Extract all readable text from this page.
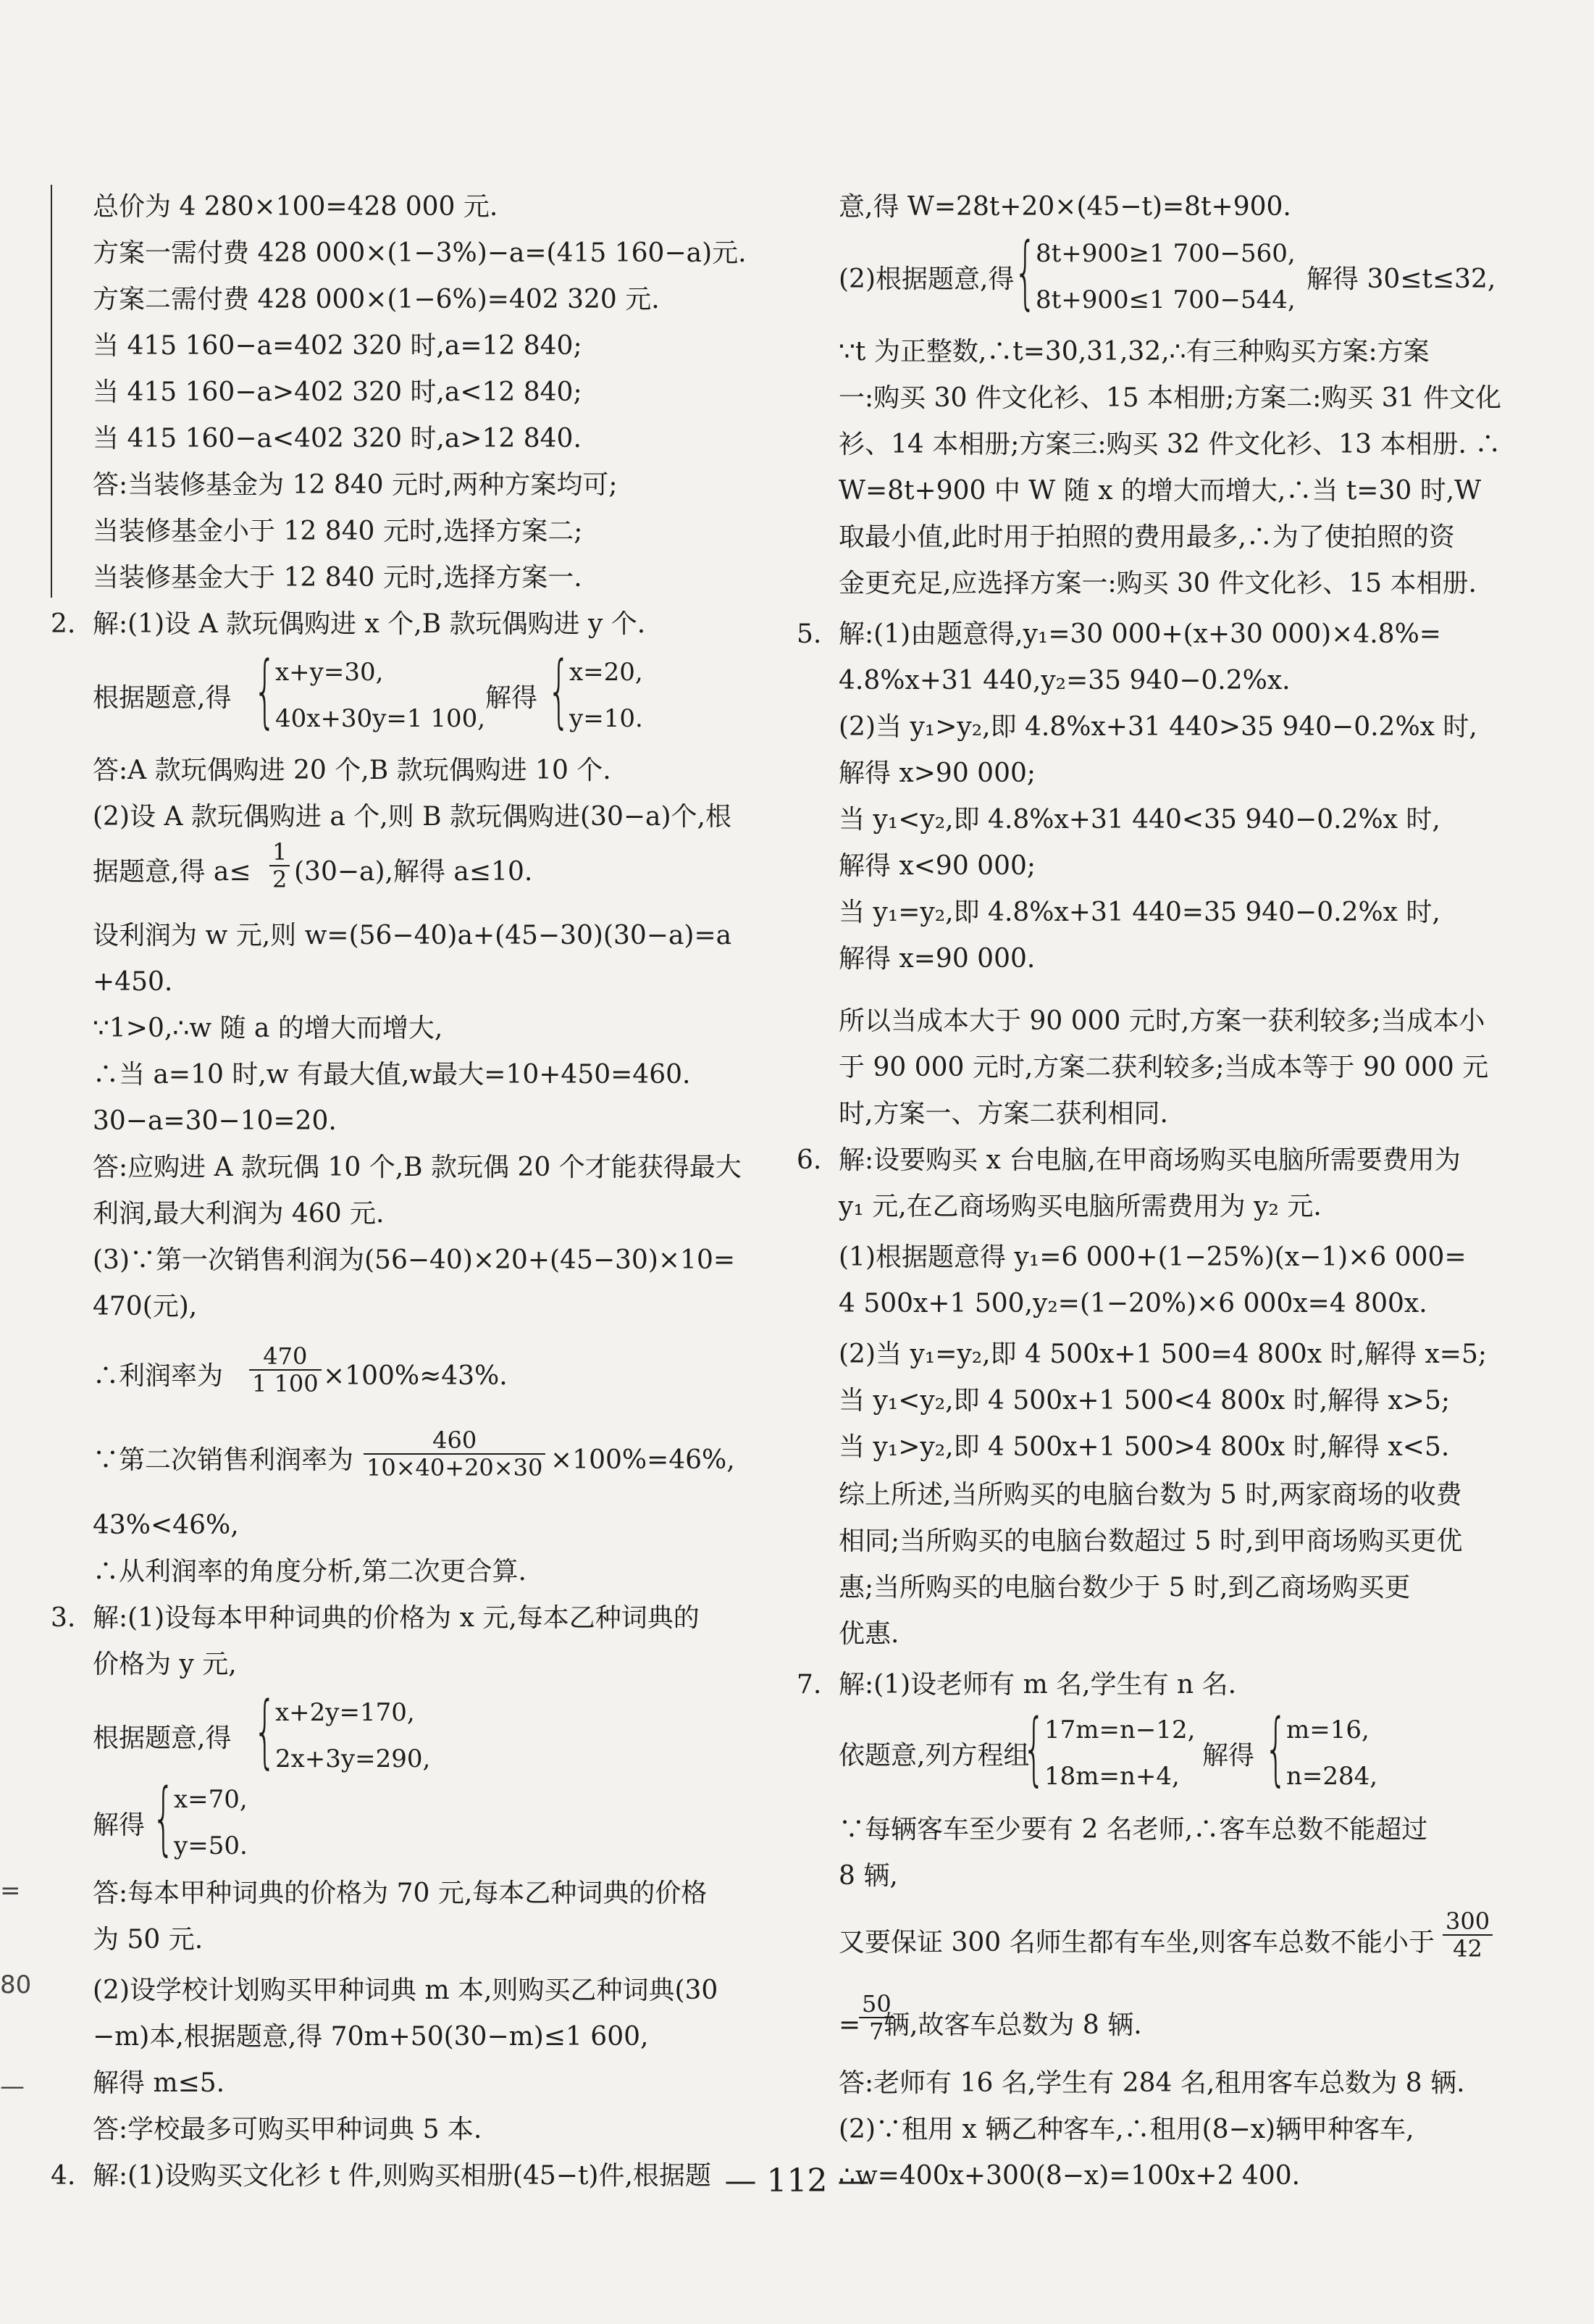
=
80
—
总价为 4 280×100=428 000 元.
方案一需付费 428 000×(1−3%)−a=(415 160−a)元.
方案二需付费 428 000×(1−6%)=402 320 元.
当 415 160−a=402 320 时,a=12 840;
当 415 160−a>402 320 时,a<12 840;
当 415 160−a<402 320 时,a>12 840.
答:当装修基金为 12 840 元时,两种方案均可;
当装修基金小于 12 840 元时,选择方案二;
当装修基金大于 12 840 元时,选择方案一.
2. 解:(1)设 A 款玩偶购进 x 个,B 款玩偶购进 y 个.
根据题意,得 {
x+y=30,
40x+30y=1 100,
解得 {
x=20,
y=10.
答:A 款玩偶购进 20 个,B 款玩偶购进 10 个.
(2)设 A 款玩偶购进 a 个,则 B 款玩偶购进(30−a)个,根
据题意,得 $a\le \frac{1}{2} (30-a)$,解得 a≤10.
设利润为 w 元,则 w=(56−40)a+(45−30)(30−a)=a
+450.
∵1>0,∴w 随 a 的增大而增大,
∴当 a=10 时,w 有最大值,w最大=10+450=460.
30−a=30−10=20.
答:应购进 A 款玩偶 10 个,B 款玩偶 20 个才能获得最大
利润,最大利润为 460 元.
(3)∵第一次销售利润为(56−40)×20+(45−30)×10=
470(元),
∴利润率为 $\frac{470}{1 100} \times 100\%\approx 43\%$.
∵第二次销售利润率为 $\frac{460}{10\times 40+20\times 30} \times 100\%=46\%$,
43%<46%,
∴从利润率的角度分析,第二次更合算.
3. 解:(1)设每本甲种词典的价格为 x 元,每本乙种词典的
价格为 y 元,
根据题意,得 {
x+2y=170,
2x+3y=290,
解得 {
x=70,
y=50.
答:每本甲种词典的价格为 70 元,每本乙种词典的价格
为 50 元.
(2)设学校计划购买甲种词典 m 本,则购买乙种词典(30
−m)本,根据题意,得 70m+50(30−m)≤1 600,
解得 m≤5.
答:学校最多可购买甲种词典 5 本.
4. 解:(1)设购买文化衫 t 件,则购买相册(45−t)件,根据题
意,得 W=28t+20×(45−t)=8t+900.
(2)根据题意,得 {
8t+900≥1 700−560,
8t+900≤1 700−544,
解得 30≤t≤32,
∵t 为正整数,∴t=30,31,32,∴有三种购买方案:方案
一:购买 30 件文化衫、15 本相册;方案二:购买 31 件文化
衫、14 本相册;方案三:购买 32 件文化衫、13 本相册. ∴
W=8t+900 中 W 随 x 的增大而增大,∴当 t=30 时,W
取最小值,此时用于拍照的费用最多,∴为了使拍照的资
金更充足,应选择方案一:购买 30 件文化衫、15 本相册.
5. 解:(1)由题意得,y₁=30 000+(x+30 000)×4.8%=
4.8%x+31 440,y₂=35 940−0.2%x.
(2)当 y₁>y₂,即 4.8%x+31 440>35 940−0.2%x 时,
解得 x>90 000;
当 y₁<y₂,即 4.8%x+31 440<35 940−0.2%x 时,
解得 x<90 000;
当 y₁=y₂,即 4.8%x+31 440=35 940−0.2%x 时,
解得 x=90 000.
所以当成本大于 90 000 元时,方案一获利较多;当成本小
于 90 000 元时,方案二获利较多;当成本等于 90 000 元
时,方案一、方案二获利相同.
6. 解:设要购买 x 台电脑,在甲商场购买电脑所需要费用为
y₁ 元,在乙商场购买电脑所需费用为 y₂ 元.
(1)根据题意得 y₁=6 000+(1−25%)(x−1)×6 000=
4 500x+1 500,y₂=(1−20%)×6 000x=4 800x.
(2)当 y₁=y₂,即 4 500x+1 500=4 800x 时,解得 x=5;
当 y₁<y₂,即 4 500x+1 500<4 800x 时,解得 x>5;
当 y₁>y₂,即 4 500x+1 500>4 800x 时,解得 x<5.
综上所述,当所购买的电脑台数为 5 时,两家商场的收费
相同;当所购买的电脑台数超过 5 时,到甲商场购买更优
惠;当所购买的电脑台数少于 5 时,到乙商场购买更
优惠.
7. 解:(1)设老师有 m 名,学生有 n 名.
依题意,列方程组
{
17m=n−12,
18m=n+4,
解得 {
m=16,
n=284,
∵每辆客车至少要有 2 名老师,∴客车总数不能超过
8 辆,
又要保证 300 名师生都有车坐,则客车总数不能小于 $\frac{300}{42}$
辆,故客车总数为 8 辆.
=
$\frac{50}{7}$
答:老师有 16 名,学生有 284 名,租用客车总数为 8 辆.
(2)∵租用 x 辆乙种客车,∴租用(8−x)辆甲种客车,
∴w=400x+300(8−x)=100x+2 400.
— 112 —
